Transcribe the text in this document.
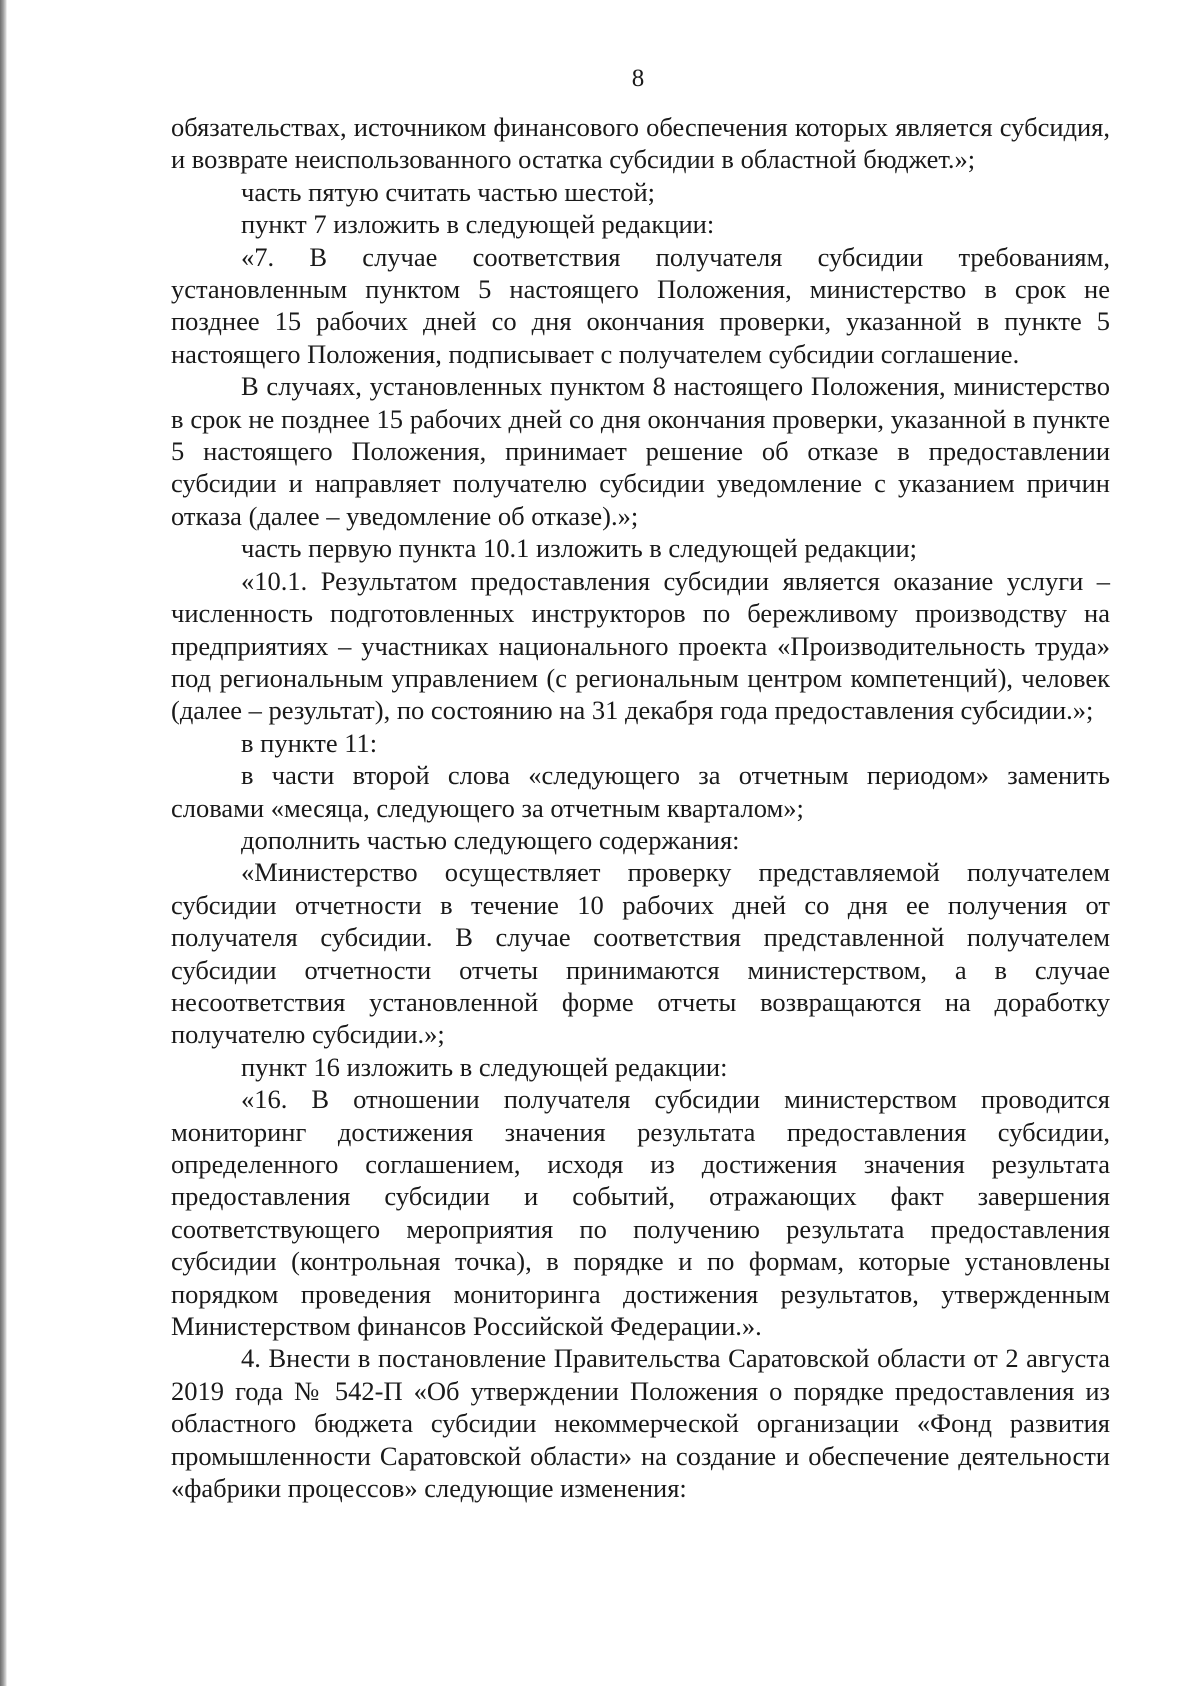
8

обязательствах, источником финансового обеспечения которых является субсидия, и возврате неиспользованного остатка субсидии в областной бюджет.»;

часть пятую считать частью шестой;

пункт 7 изложить в следующей редакции:

«7. В случае соответствия получателя субсидии требованиям, установленным пунктом 5 настоящего Положения, министерство в срок не позднее 15 рабочих дней со дня окончания проверки, указанной в пункте 5 настоящего Положения, подписывает с получателем субсидии соглашение.

В случаях, установленных пунктом 8 настоящего Положения, министерство в срок не позднее 15 рабочих дней со дня окончания проверки, указанной в пункте 5 настоящего Положения, принимает решение об отказе в предоставлении субсидии и направляет получателю субсидии уведомление с указанием причин отказа (далее – уведомление об отказе).»;

часть первую пункта 10.1 изложить в следующей редакции;

«10.1. Результатом предоставления субсидии является оказание услуги – численность подготовленных инструкторов по бережливому производству на предприятиях – участниках национального проекта «Производительность труда» под региональным управлением (с региональным центром компетенций), человек (далее – результат), по состоянию на 31 декабря года предоставления субсидии.»;

в пункте 11:

в части второй слова «следующего за отчетным периодом» заменить словами «месяца, следующего за отчетным кварталом»;

дополнить частью следующего содержания:

«Министерство осуществляет проверку представляемой получателем субсидии отчетности в течение 10 рабочих дней со дня ее получения от получателя субсидии. В случае соответствия представленной получателем субсидии отчетности отчеты принимаются министерством, а в случае несоответствия установленной форме отчеты возвращаются на доработку получателю субсидии.»;

пункт 16 изложить в следующей редакции:

«16. В отношении получателя субсидии министерством проводится мониторинг достижения значения результата предоставления субсидии, определенного соглашением, исходя из достижения значения результата предоставления субсидии и событий, отражающих факт завершения соответствующего мероприятия по получению результата предоставления субсидии (контрольная точка), в порядке и по формам, которые установлены порядком проведения мониторинга достижения результатов, утвержденным Министерством финансов Российской Федерации.».

4. Внести в постановление Правительства Саратовской области от 2 августа 2019 года № 542-П «Об утверждении Положения о порядке предоставления из областного бюджета субсидии некоммерческой организации «Фонд развития промышленности Саратовской области» на создание и обеспечение деятельности «фабрики процессов» следующие изменения:
